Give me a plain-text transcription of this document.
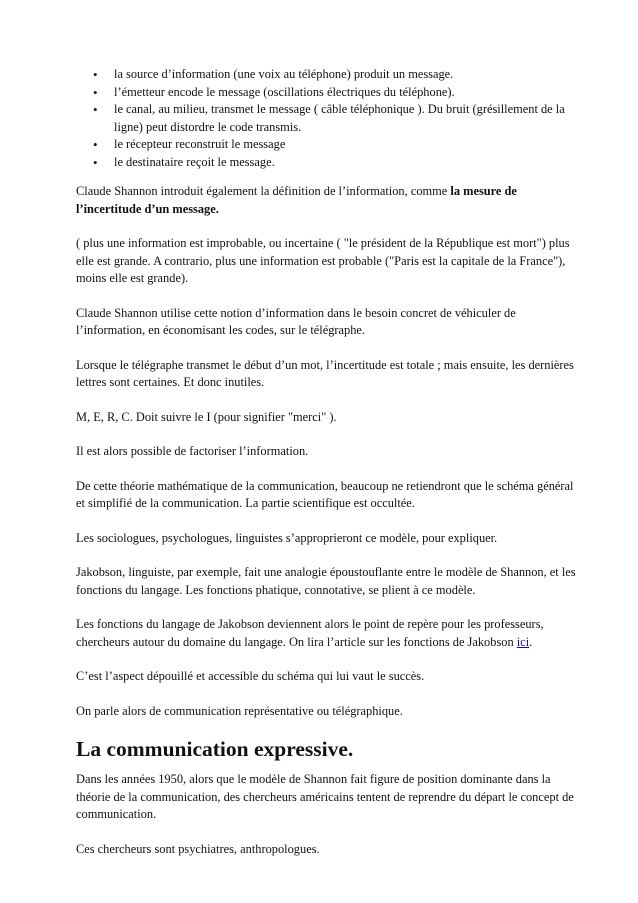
• la source d’information (une voix au téléphone) produit un message.
• l’émetteur encode le message (oscillations électriques du téléphone).
• le canal, au milieu, transmet le message ( câble téléphonique ). Du bruit (grésillement de la ligne) peut distordre le code transmis.
• le récepteur reconstruit le message
• le destinataire reçoit le message.

Claude Shannon introduit également la définition de l’information, comme la mesure de l’incertitude d’un message.

( plus une information est improbable, ou incertaine ( "le président de la République est mort") plus elle est grande. A contrario, plus une information est probable ("Paris est la capitale de la France"), moins elle est grande).

Claude Shannon utilise cette notion d’information dans le besoin concret de véhiculer de l’information, en économisant les codes, sur le télégraphe.

Lorsque le télégraphe transmet le début d’un mot, l’incertitude est totale ; mais ensuite, les dernières lettres sont certaines. Et donc inutiles.

M, E, R, C. Doit suivre le I (pour signifier "merci" ).

Il est alors possible de factoriser l’information.

De cette théorie mathématique de la communication, beaucoup ne retiendront que le schéma général et simplifié de la communication. La partie scientifique est occultée.

Les sociologues, psychologues, linguistes s’approprieront ce modèle, pour expliquer.

Jakobson, linguiste, par exemple, fait une analogie époustouflante entre le modèle de Shannon, et les fonctions du langage. Les fonctions phatique, connotative, se plient à ce modèle.

Les fonctions du langage de Jakobson deviennent alors le point de repère pour les professeurs, chercheurs autour du domaine du langage. On lira l’article sur les fonctions de Jakobson ici.

C’est l’aspect dépouillé et accessible du schéma qui lui vaut le succès.

On parle alors de communication représentative ou télégraphique.

La communication expressive.

Dans les années 1950, alors que le modèle de Shannon fait figure de position dominante dans la théorie de la communication, des chercheurs américains tentent de reprendre du départ le concept de communication.

Ces chercheurs sont psychiatres, anthropologues.
